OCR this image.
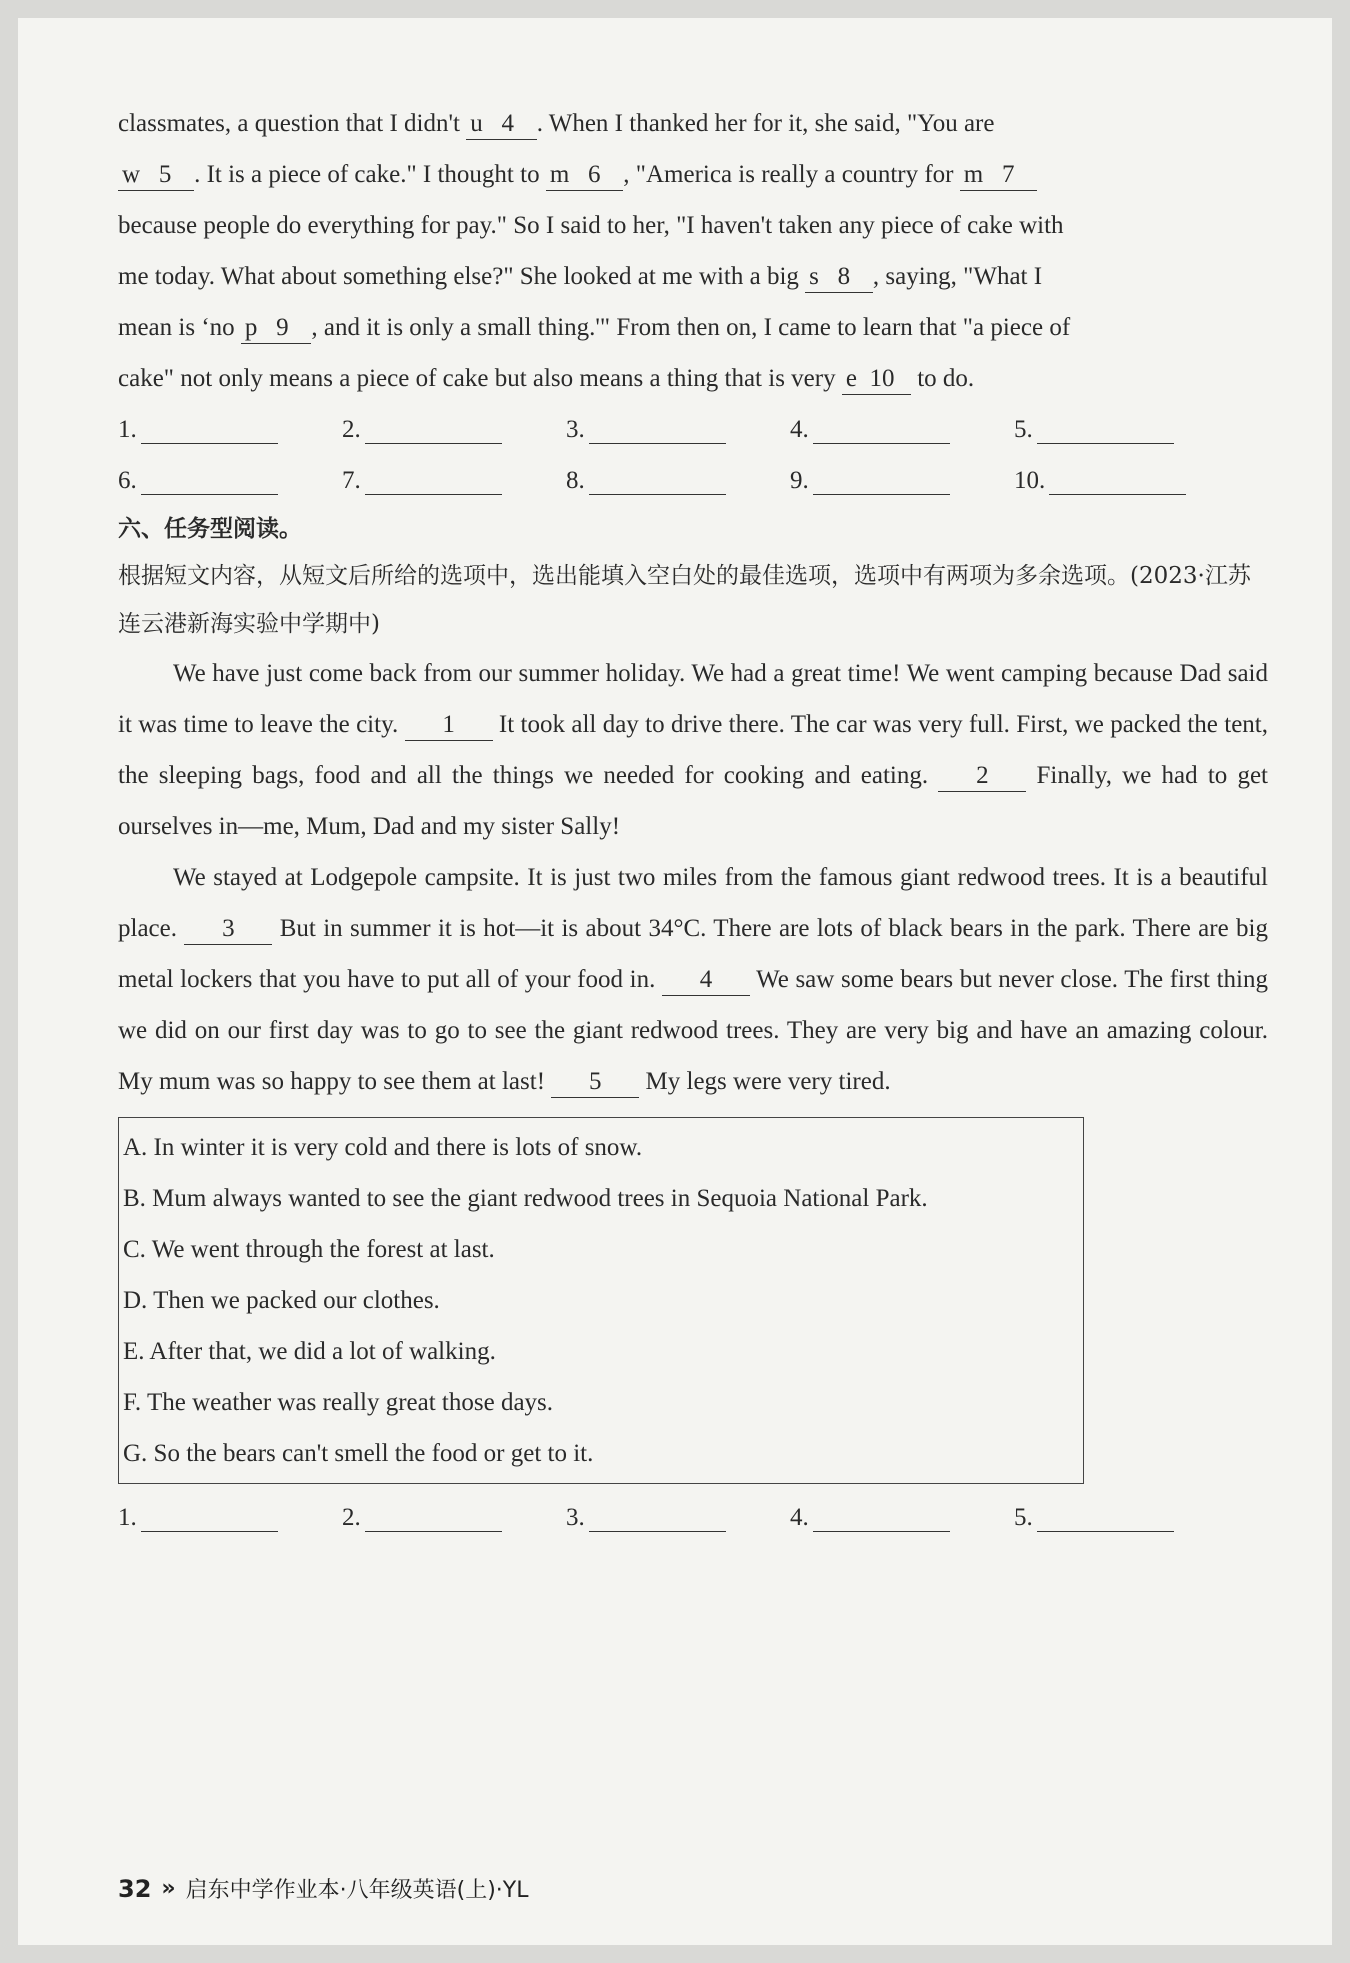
classmates, a question that I didn't u 4 . When I thanked her for it, she said, "You are

w 5 . It is a piece of cake." I thought to m 6 , "America is really a country for m 7

because people do everything for pay." So I said to her, "I haven't taken any piece of cake with

me today. What about something else?" She looked at me with a big s 8 , saying, "What I

mean is ‘no p 9 , and it is only a small thing.'" From then on, I came to learn that "a piece of

cake" not only means a piece of cake but also means a thing that is very e 10 to do.

1.	2.	3.	4.	5.
6.	7.	8.	9.	10.

六、任务型阅读。

根据短文内容，从短文后所给的选项中，选出能填入空白处的最佳选项，选项中有两项为多余选项。(2023·江苏连云港新海实验中学期中)

We have just come back from our summer holiday. We had a great time! We went camping because Dad said it was time to leave the city. 1 It took all day to drive there. The car was very full. First, we packed the tent, the sleeping bags, food and all the things we needed for cooking and eating. 2 Finally, we had to get ourselves in—me, Mum, Dad and my sister Sally!

We stayed at Lodgepole campsite. It is just two miles from the famous giant redwood trees. It is a beautiful place. 3 But in summer it is hot—it is about 34°C. There are lots of black bears in the park. There are big metal lockers that you have to put all of your food in. 4 We saw some bears but never close. The first thing we did on our first day was to go to see the giant redwood trees. They are very big and have an amazing colour. My mum was so happy to see them at last! 5 My legs were very tired.

A. In winter it is very cold and there is lots of snow.

B. Mum always wanted to see the giant redwood trees in Sequoia National Park.

C. We went through the forest at last.

D. Then we packed our clothes.

E. After that, we did a lot of walking.

F. The weather was really great those days.

G. So the bears can't smell the food or get to it.

1.	2.	3.	4.	5.
32 » 启东中学作业本·八年级英语(上)·YL
